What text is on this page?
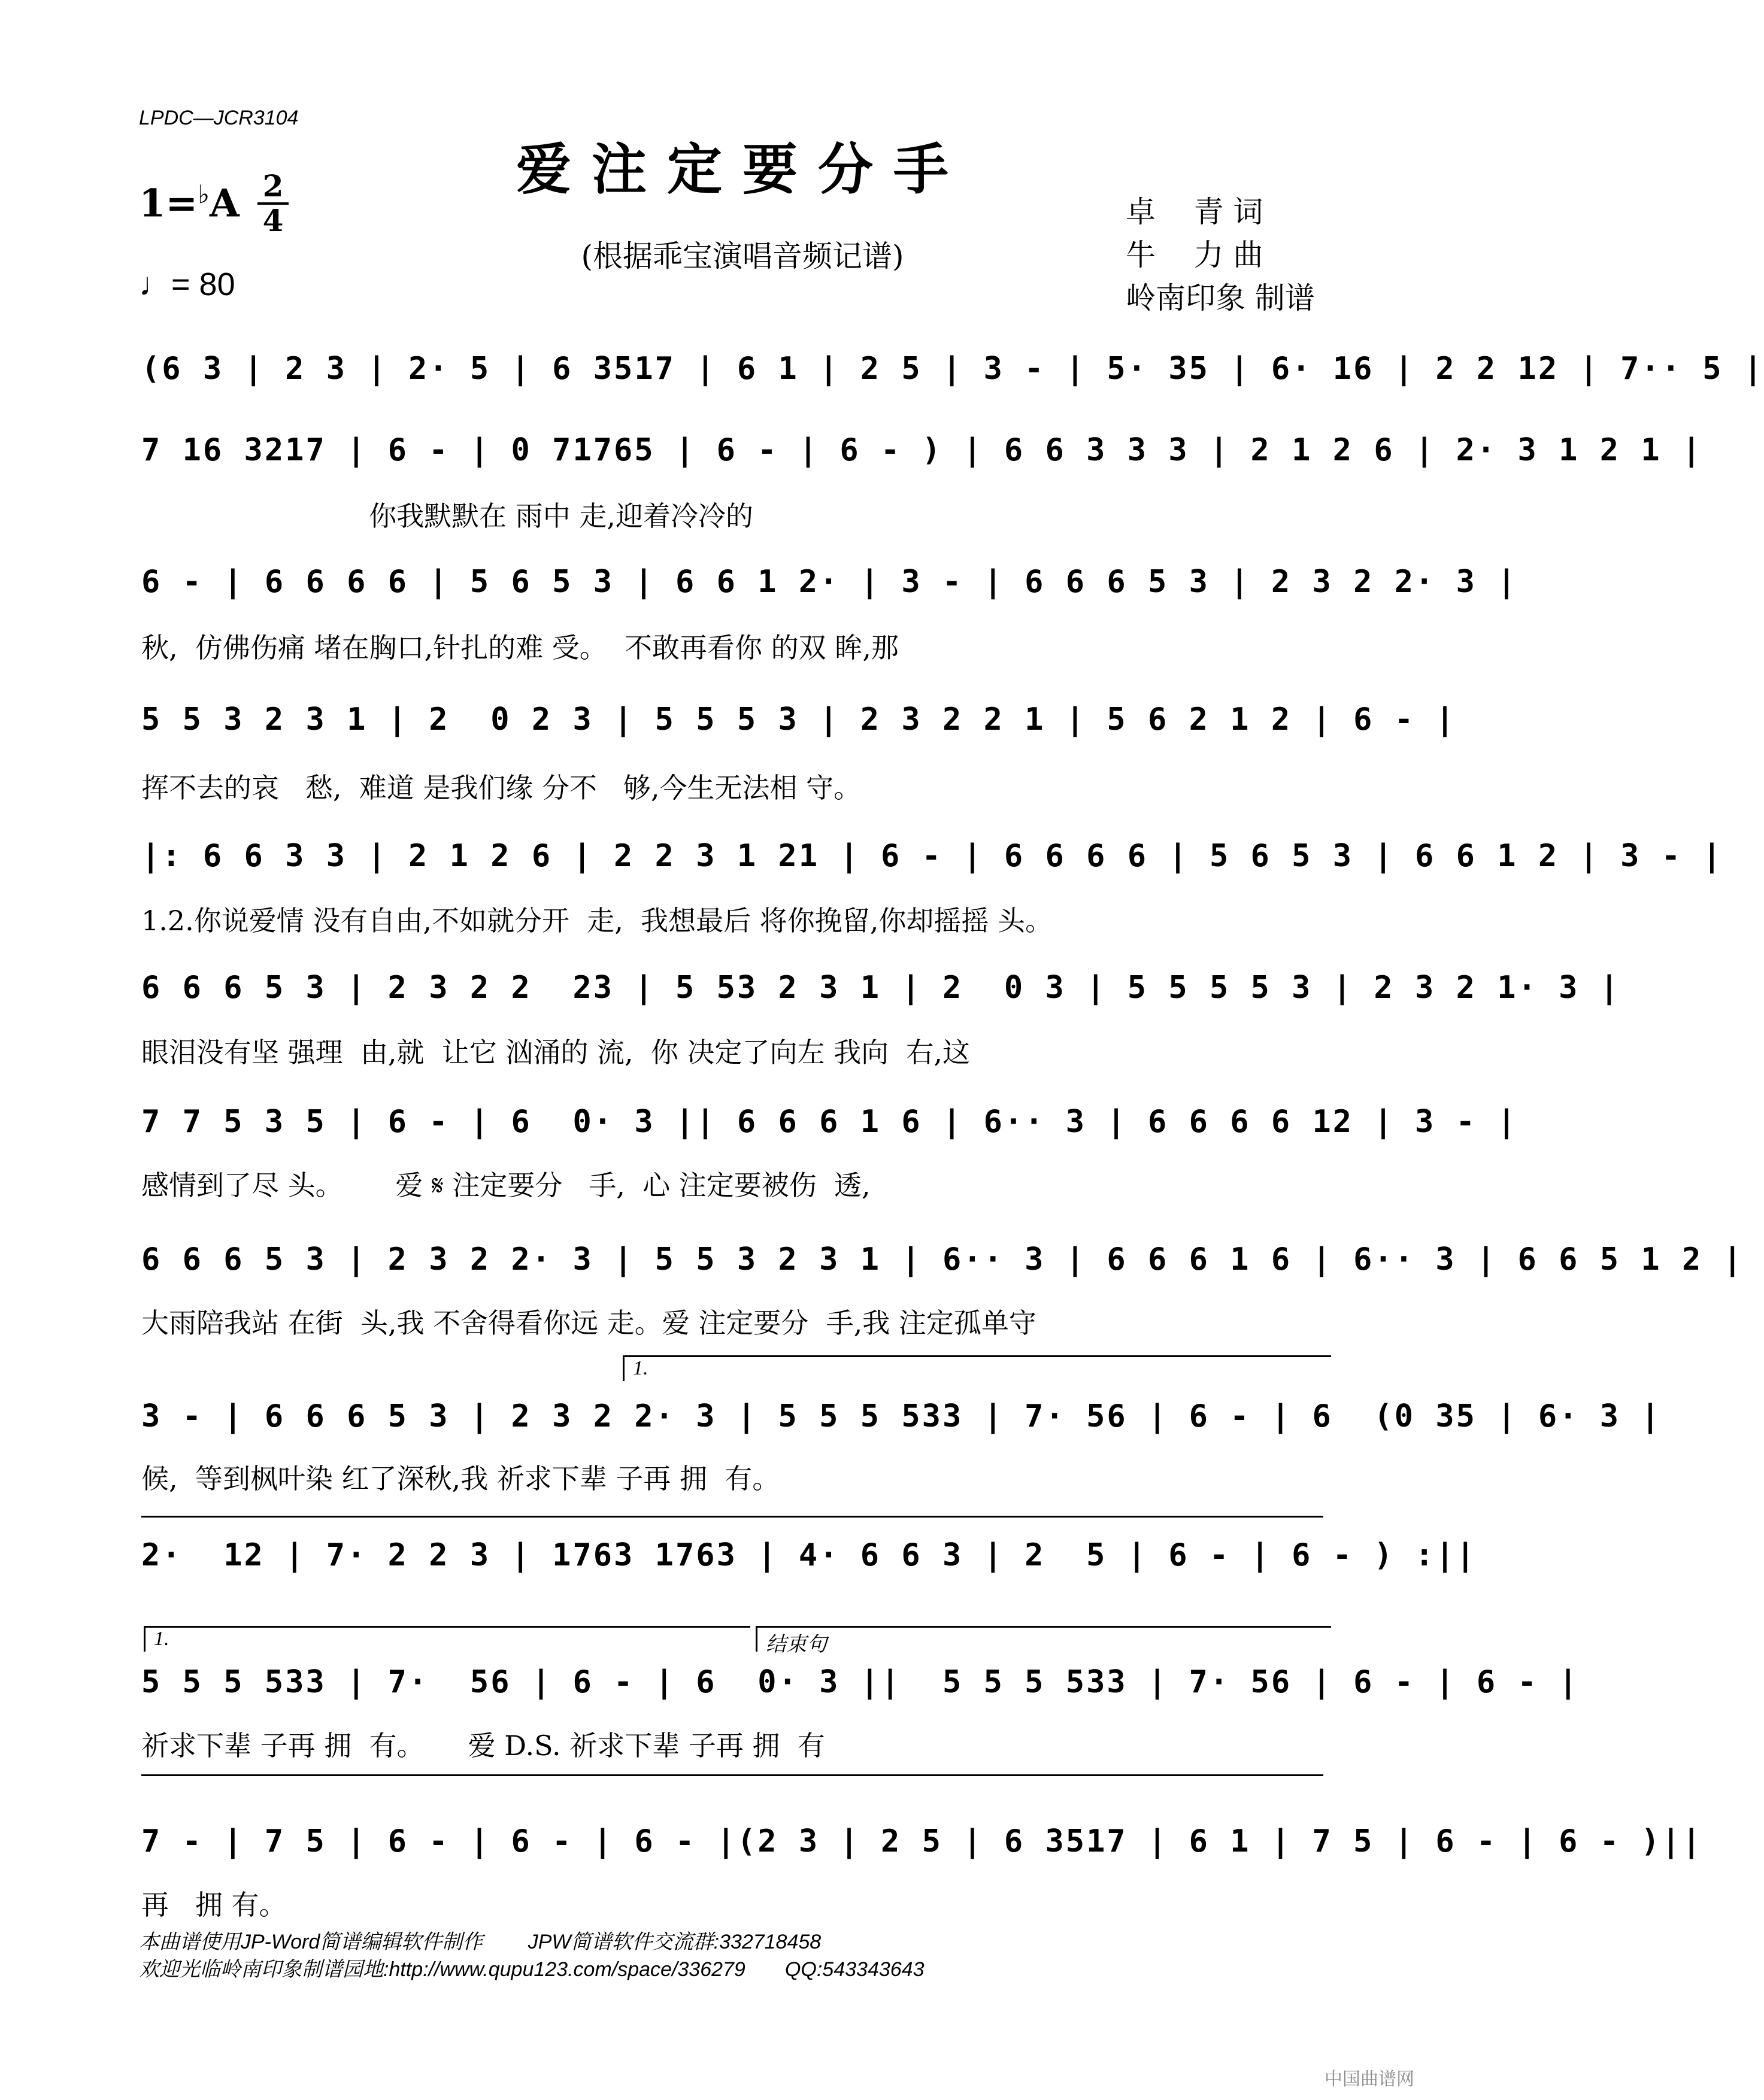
LPDC—JCR3104
爱注定要分手
(根据乖宝演唱音频记谱)
1=♭A 2
4
♩= 80
卓    青 词
牛    力 曲
岭南印象 制谱
(6 3 | 2 3 | 2· 5 | 6 3517 | 6 1 | 2 5 | 3 - | 5· 35 | 6· 16 | 2 2 12 | 7·· 5 |
7 16 3217 | 6 - | 0 71765 | 6 - | 6 - ) | 6 6 3 3 3 | 2 1 2 6 | 2· 3 1 2 1 |
你我默默在 雨中 走,迎着冷冷的
6 - | 6 6 6 6 | 5 6 5 3 | 6 6 1 2· | 3 - | 6 6 6 5 3 | 2 3 2 2· 3 |
秋,  仿佛伤痛 堵在胸口,针扎的难 受。  不敢再看你 的双 眸,那
5 5 3 2 3 1 | 2  0 2 3 | 5 5 5 3 | 2 3 2 2 1 | 5 6 2 1 2 | 6 - |
挥不去的哀   愁,  难道 是我们缘 分不   够,今生无法相 守。
|: 6 6 3 3 | 2 1 2 6 | 2 2 3 1 21 | 6 - | 6 6 6 6 | 5 6 5 3 | 6 6 1 2 | 3 - |
1.2.你说爱情 没有自由,不如就分开  走,  我想最后 将你挽留,你却摇摇 头。
6 6 6 5 3 | 2 3 2 2  23 | 5 53 2 3 1 | 2  0 3 | 5 5 5 5 3 | 2 3 2 1· 3 |
眼泪没有坚 强理  由,就  让它 汹涌的 流,  你 决定了向左 我向  右,这
7 7 5 3 5 | 6 - | 6  0· 3 || 6 6 6 1 6 | 6·· 3 | 6 6 6 6 12 | 3 - |
感情到了尽 头。      爱 𝄋 注定要分   手,  心 注定要被伤  透,
6 6 6 5 3 | 2 3 2 2· 3 | 5 5 3 2 3 1 | 6·· 3 | 6 6 6 1 6 | 6·· 3 | 6 6 5 1 2 |
大雨陪我站 在街  头,我 不舍得看你远 走。爱 注定要分  手,我 注定孤单守
1.
3 - | 6 6 6 5 3 | 2 3 2 2· 3 | 5 5 5 533 | 7· 56 | 6 - | 6  (0 35 | 6· 3 |
候,  等到枫叶染 红了深秋,我 祈求下辈 子再 拥  有。
2·  12 | 7· 2 2 3 | 1763 1763 | 4· 6 6 3 | 2  5 | 6 - | 6 - ) :||
1.	结束句
5 5 5 533 | 7·  56 | 6 - | 6  0· 3 ||  5 5 5 533 | 7· 56 | 6 - | 6 - |
祈求下辈 子再 拥  有。     爱 D.S. 祈求下辈 子再 拥  有
7 - | 7 5 | 6 - | 6 - | 6 - |(2 3 | 2 5 | 6 3517 | 6 1 | 7 5 | 6 - | 6 - )||
再   拥 有。
本曲谱使用JP-Word简谱编辑软件制作        JPW简谱软件交流群:332718458
欢迎光临岭南印象制谱园地:http://www.qupu123.com/space/336279       QQ:543343643
中国曲谱网
